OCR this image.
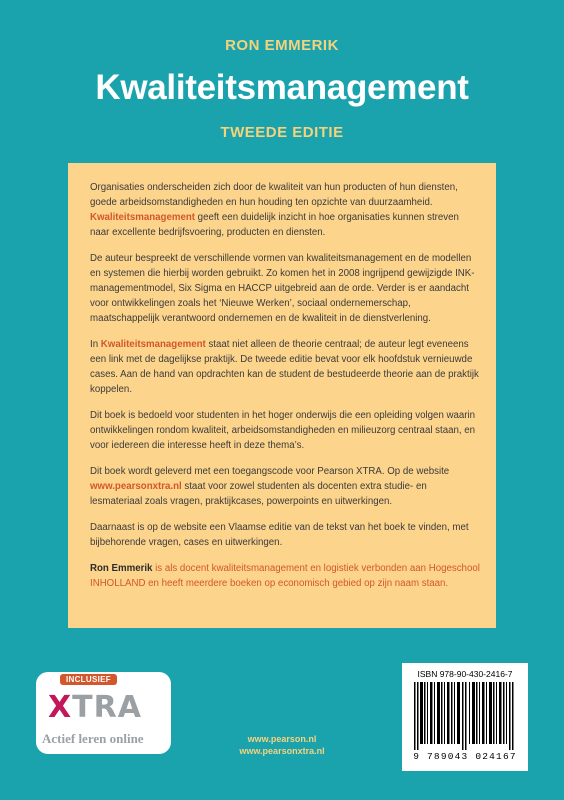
RON EMMERIK
Kwaliteitsmanagement
TWEEDE EDITIE

Organisaties onderscheiden zich door de kwaliteit van hun producten of hun diensten, goede arbeidsomstandigheden en hun houding ten opzichte van duurzaamheid. Kwaliteitsmanagement geeft een duidelijk inzicht in hoe organisaties kunnen streven naar excellente bedrijfsvoering, producten en diensten.

De auteur bespreekt de verschillende vormen van kwaliteitsmanagement en de modellen en systemen die hierbij worden gebruikt. Zo komen het in 2008 ingrijpend gewijzigde INK-managementmodel, Six Sigma en HACCP uitgebreid aan de orde. Verder is er aandacht voor ontwikkelingen zoals het ‘Nieuwe Werken’, sociaal ondernemerschap, maatschappelijk verantwoord ondernemen en de kwaliteit in de dienstverlening.

In Kwaliteitsmanagement staat niet alleen de theorie centraal; de auteur legt eveneens een link met de dagelijkse praktijk. De tweede editie bevat voor elk hoofdstuk vernieuwde cases. Aan de hand van opdrachten kan de student de bestudeerde theorie aan de praktijk koppelen.

Dit boek is bedoeld voor studenten in het hoger onderwijs die een opleiding volgen waarin ontwikkelingen rondom kwaliteit, arbeidsomstandigheden en milieuzorg centraal staan, en voor iedereen die interesse heeft in deze thema’s.

Dit boek wordt geleverd met een toegangscode voor Pearson XTRA. Op de website www.pearsonxtra.nl staat voor zowel studenten als docenten extra studie- en lesmateriaal zoals vragen, praktijkcases, powerpoints en uitwerkingen.

Daarnaast is op de website een Vlaamse editie van de tekst van het boek te vinden, met bijbehorende vragen, cases en uitwerkingen.

Ron Emmerik is als docent kwaliteitsmanagement en logistiek verbonden aan Hogeschool INHOLLAND en heeft meerdere boeken op economisch gebied op zijn naam staan.

INCLUSIEF
XTRA
Actief leren online	www.pearson.nl
www.pearsonxtra.nl
ISBN 978-90-430-2416-7
9 789043 024167
